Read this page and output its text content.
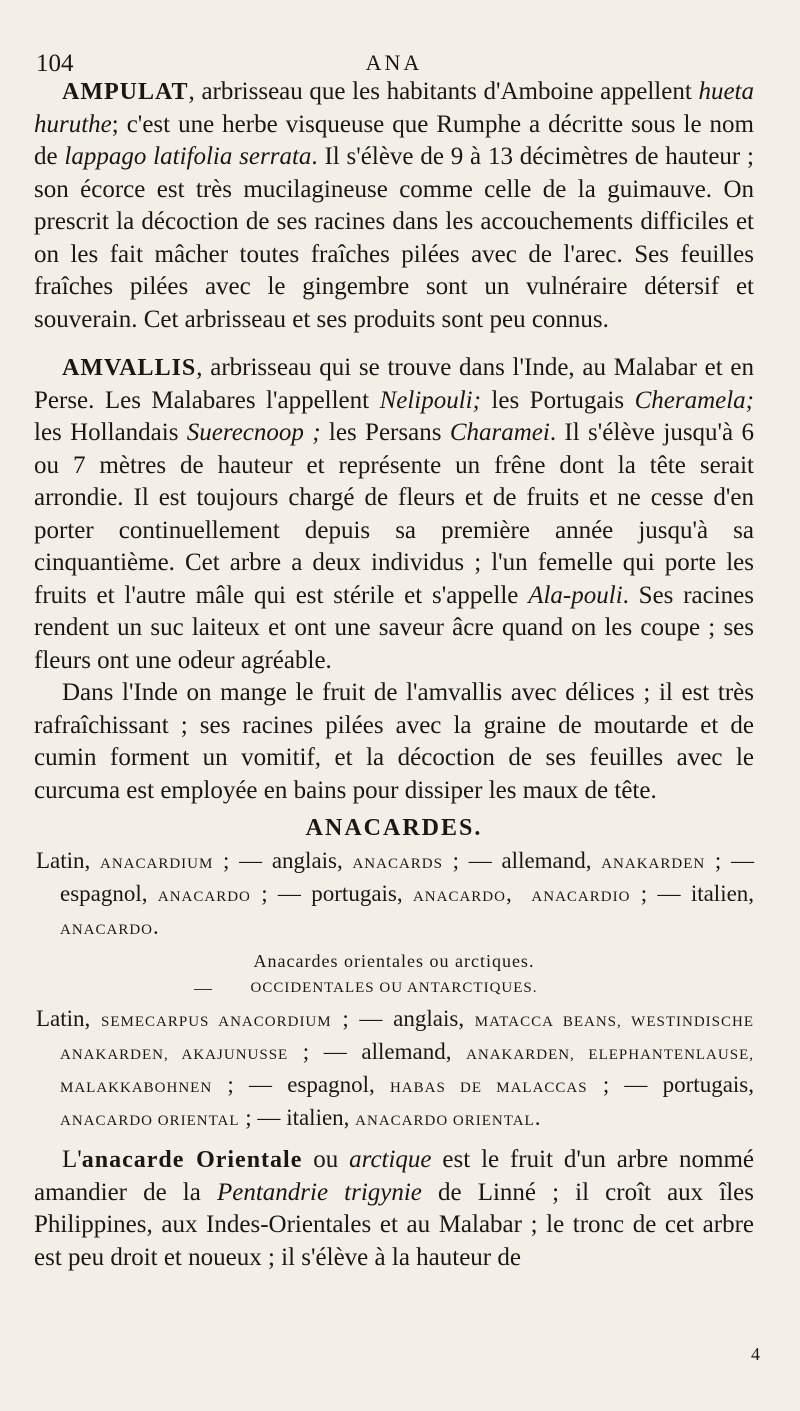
104	ANA

AMPULAT, arbrisseau que les habitants d'Amboine appellent hueta huruthe; c'est une herbe visqueuse que Rumphe a décritte sous le nom de lappago latifolia serrata. Il s'élève de 9 à 13 décimètres de hauteur ; son écorce est très mucilagineuse comme celle de la guimauve. On prescrit la décoction de ses racines dans les accouchements difficiles et on les fait mâcher toutes fraîches pilées avec de l'arec. Ses feuilles fraîches pilées avec le gingembre sont un vulnéraire détersif et souverain. Cet arbrisseau et ses produits sont peu connus.

AMVALLIS, arbrisseau qui se trouve dans l'Inde, au Malabar et en Perse. Les Malabares l'appellent Nelipouli; les Portugais Cheramela; les Hollandais Suerecnoop ; les Persans Charamei. Il s'élève jusqu'à 6 ou 7 mètres de hauteur et représente un frêne dont la tête serait arrondie. Il est toujours chargé de fleurs et de fruits et ne cesse d'en porter continuellement depuis sa première année jusqu'à sa cinquantième. Cet arbre a deux individus ; l'un femelle qui porte les fruits et l'autre mâle qui est stérile et s'appelle Ala-pouli. Ses racines rendent un suc laiteux et ont une saveur âcre quand on les coupe ; ses fleurs ont une odeur agréable.

Dans l'Inde on mange le fruit de l'amvallis avec délices ; il est très rafraîchissant ; ses racines pilées avec la graine de moutarde et de cumin forment un vomitif, et la décoction de ses feuilles avec le curcuma est employée en bains pour dissiper les maux de tête.

ANACARDES.

Latin, ANACARDIUM ; — anglais, ANACARDS ; — allemand, ANAKARDEN ; — espagnol, ANACARDO ; — portugais, ANACARDO,  ANACARDIO ; — italien, ANACARDO.

Anacardes orientales ou arctiques.
—	OCCIDENTALES OU ANTARCTIQUES.

Latin, SEMECARPUS ANACORDIUM ; — anglais, MATACCA BEANS, WESTINDISCHE ANAKARDEN, AKAJUNUSSE ; — allemand, ANAKARDEN, ELEPHANTENLAUSE, MALAKKABOHNEN ; — espagnol, HABAS DE MALACCAS ; — portugais, ANACARDO ORIENTAL ; — italien, ANACARDO ORIENTAL.

L'anacarde Orientale ou arctique est le fruit d'un arbre nommé amandier de la Pentandrie trigynie de Linné ; il croît aux îles Philippines, aux Indes-Orientales et au Malabar ; le tronc de cet arbre est peu droit et noueux ; il s'élève à la hauteur de

4
